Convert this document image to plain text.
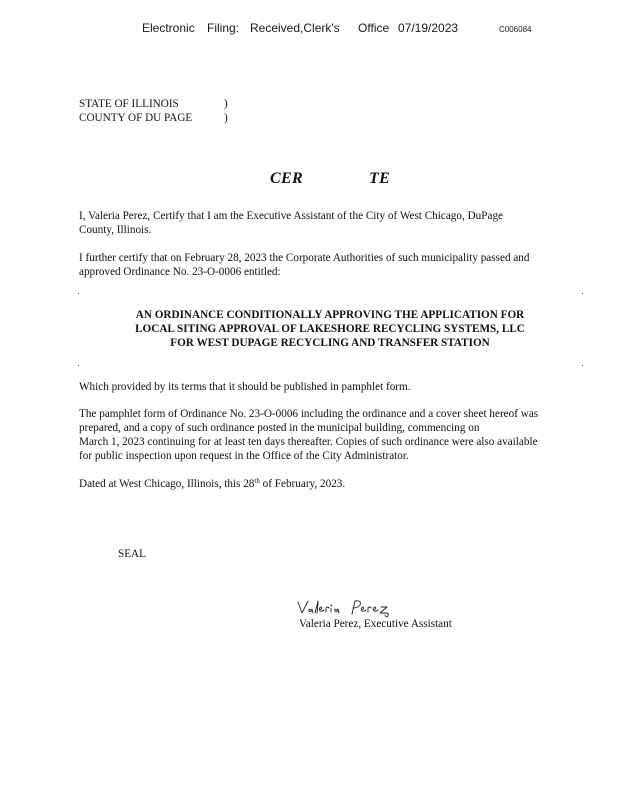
Electronic Filing: Received,Clerk's Office 07/19/2023	C006084
STATE OF ILLINOIS	)
COUNTY OF DU PAGE	)
CER	TE
I, Valeria Perez, Certify that I am the Executive Assistant of the City of West Chicago, DuPage
County, Illinois.
I further certify that on February 28, 2023 the Corporate Authorities of such municipality passed and
approved Ordinance No. 23-O-0006 entitled:
AN ORDINANCE CONDITIONALLY APPROVING THE APPLICATION FOR
LOCAL SITING APPROVAL OF LAKESHORE RECYCLING SYSTEMS, LLC
FOR WEST DUPAGE RECYCLING AND TRANSFER STATION
Which provided by its terms that it should be published in pamphlet form.
The pamphlet form of Ordinance No. 23-O-0006 including the ordinance and a cover sheet hereof was
prepared, and a copy of such ordinance posted in the municipal building, commencing on
March 1, 2023 continuing for at least ten days thereafter. Copies of such ordinance were also available
for public inspection upon request in the Office of the City Administrator.
Dated at West Chicago, Illinois, this 28th of February, 2023.
SEAL
Valeria Perez, Executive Assistant
